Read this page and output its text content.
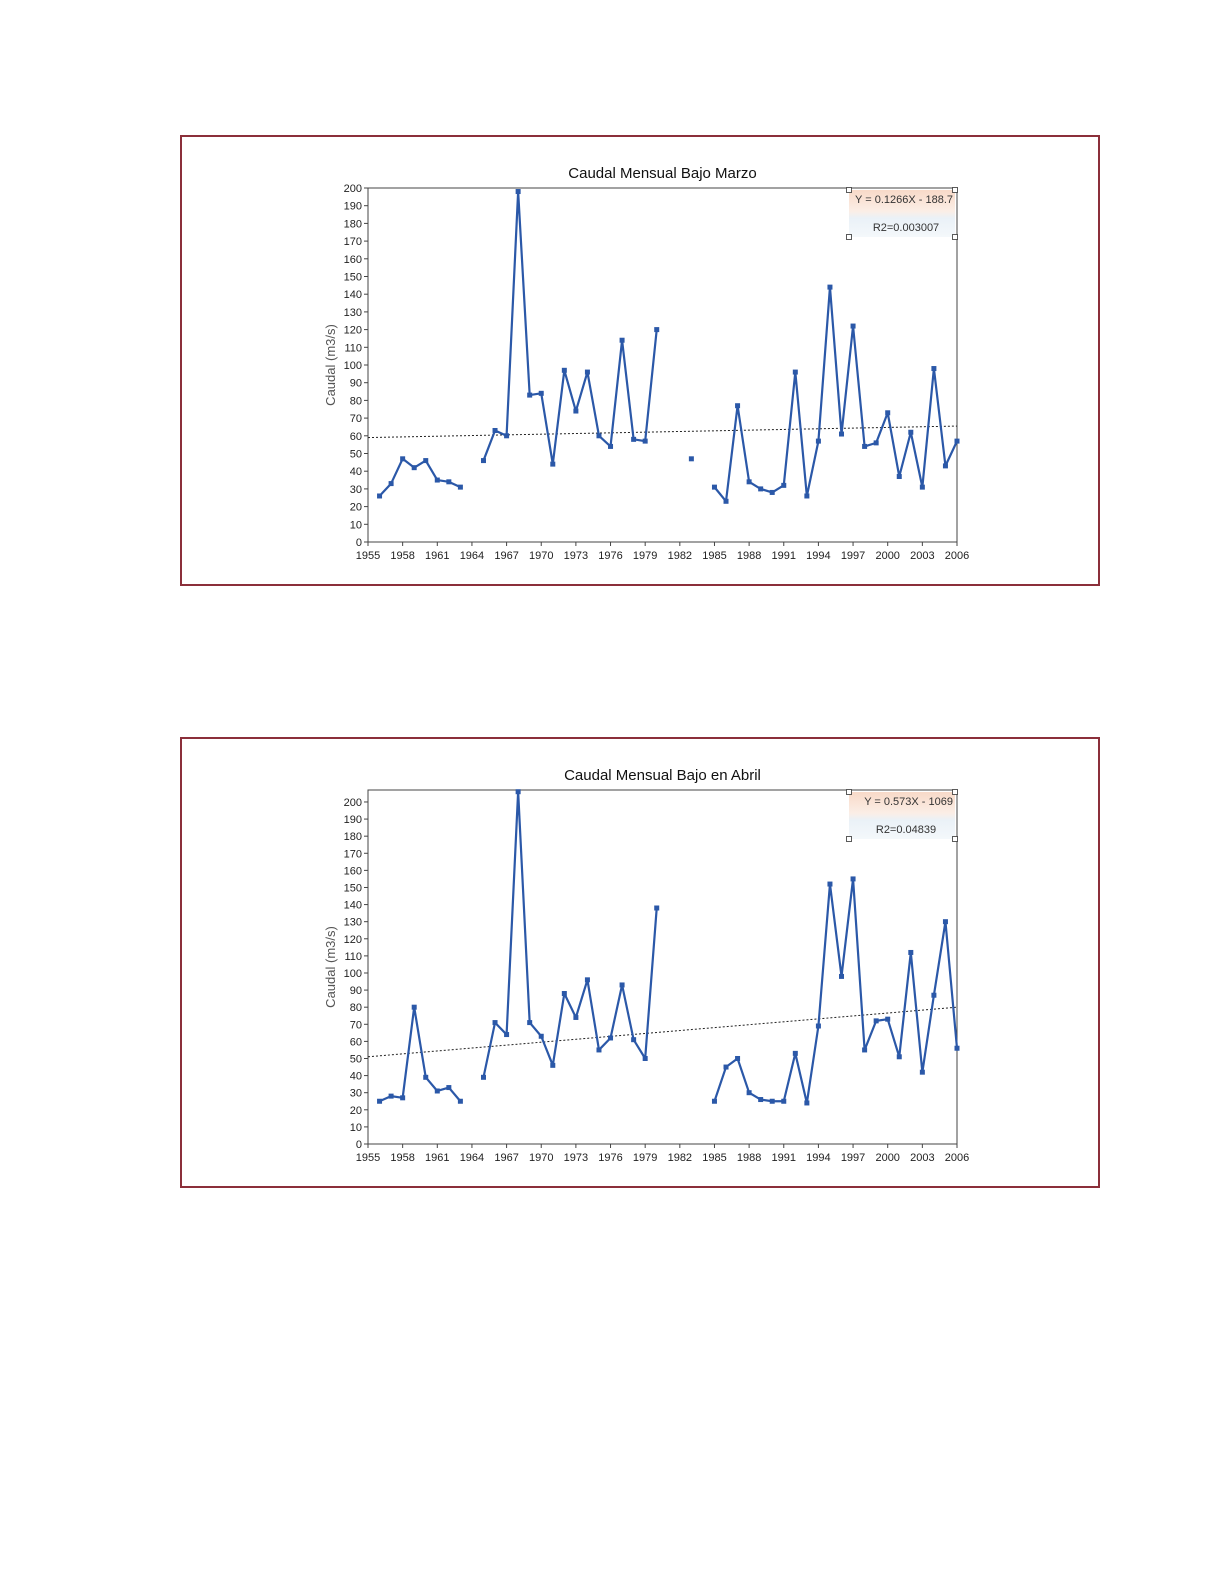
Caudal Mensual Bajo Marzo
0
10
20
30
40
50
60
70
80
90
100
110
120
130
140
150
160
170
180
190
200
1955 1958 1961 1964 1967 1970 1973 1976 1979 1982 1985 1988 1991 1994 1997 2000 2003 2006
Caudal (m3/s)
Y = 0.1266X - 188.7
R2=0.003007
Caudal Mensual Bajo en Abril
0
10
20
30
40
50
60
70
80
90
100
110
120
130
140
150
160
170
180
190
200
1955 1958 1961 1964 1967 1970 1973 1976 1979 1982 1985 1988 1991 1994 1997 2000 2003 2006
Caudal (m3/s)
Y = 0.573X - 1069
R2=0.04839
